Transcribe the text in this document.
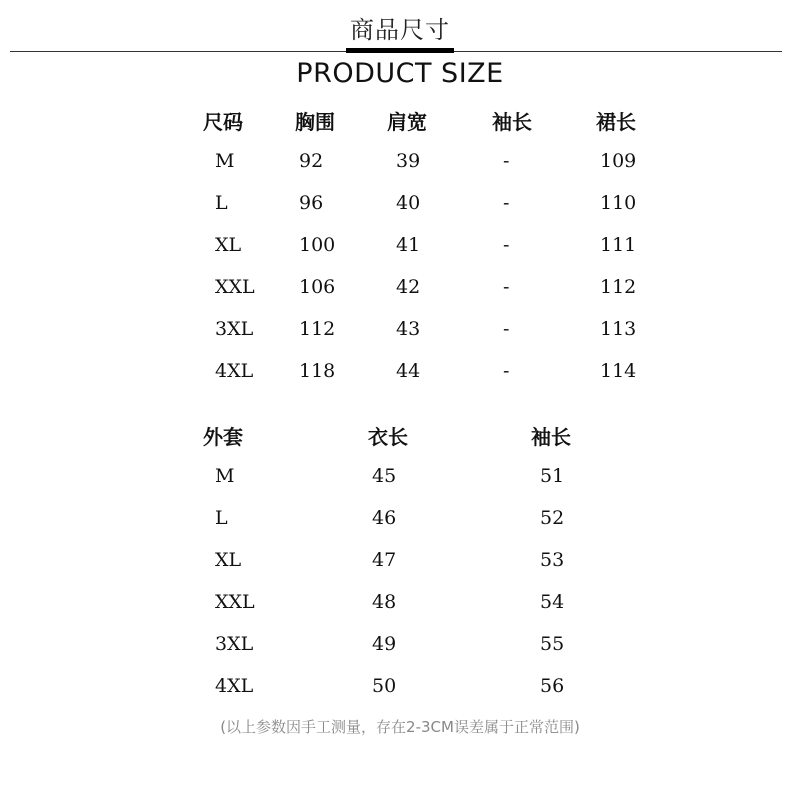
商品尺寸
PRODUCT SIZE
尺码	胸围	肩宽	袖长	裙长
M	92	39	-	109
L	96	40	-	110
XL	100	41	-	111
XXL 106	42	-	112
3XL 112	43	-	113
4XL 118	44	-	114
外套	衣长	袖长
M	45	51
L	46	52
XL	47	53
XXL	48	54
3XL	49	55
4XL	50	56
(以上参数因手工测量，存在2-3CM误差属于正常范围)
